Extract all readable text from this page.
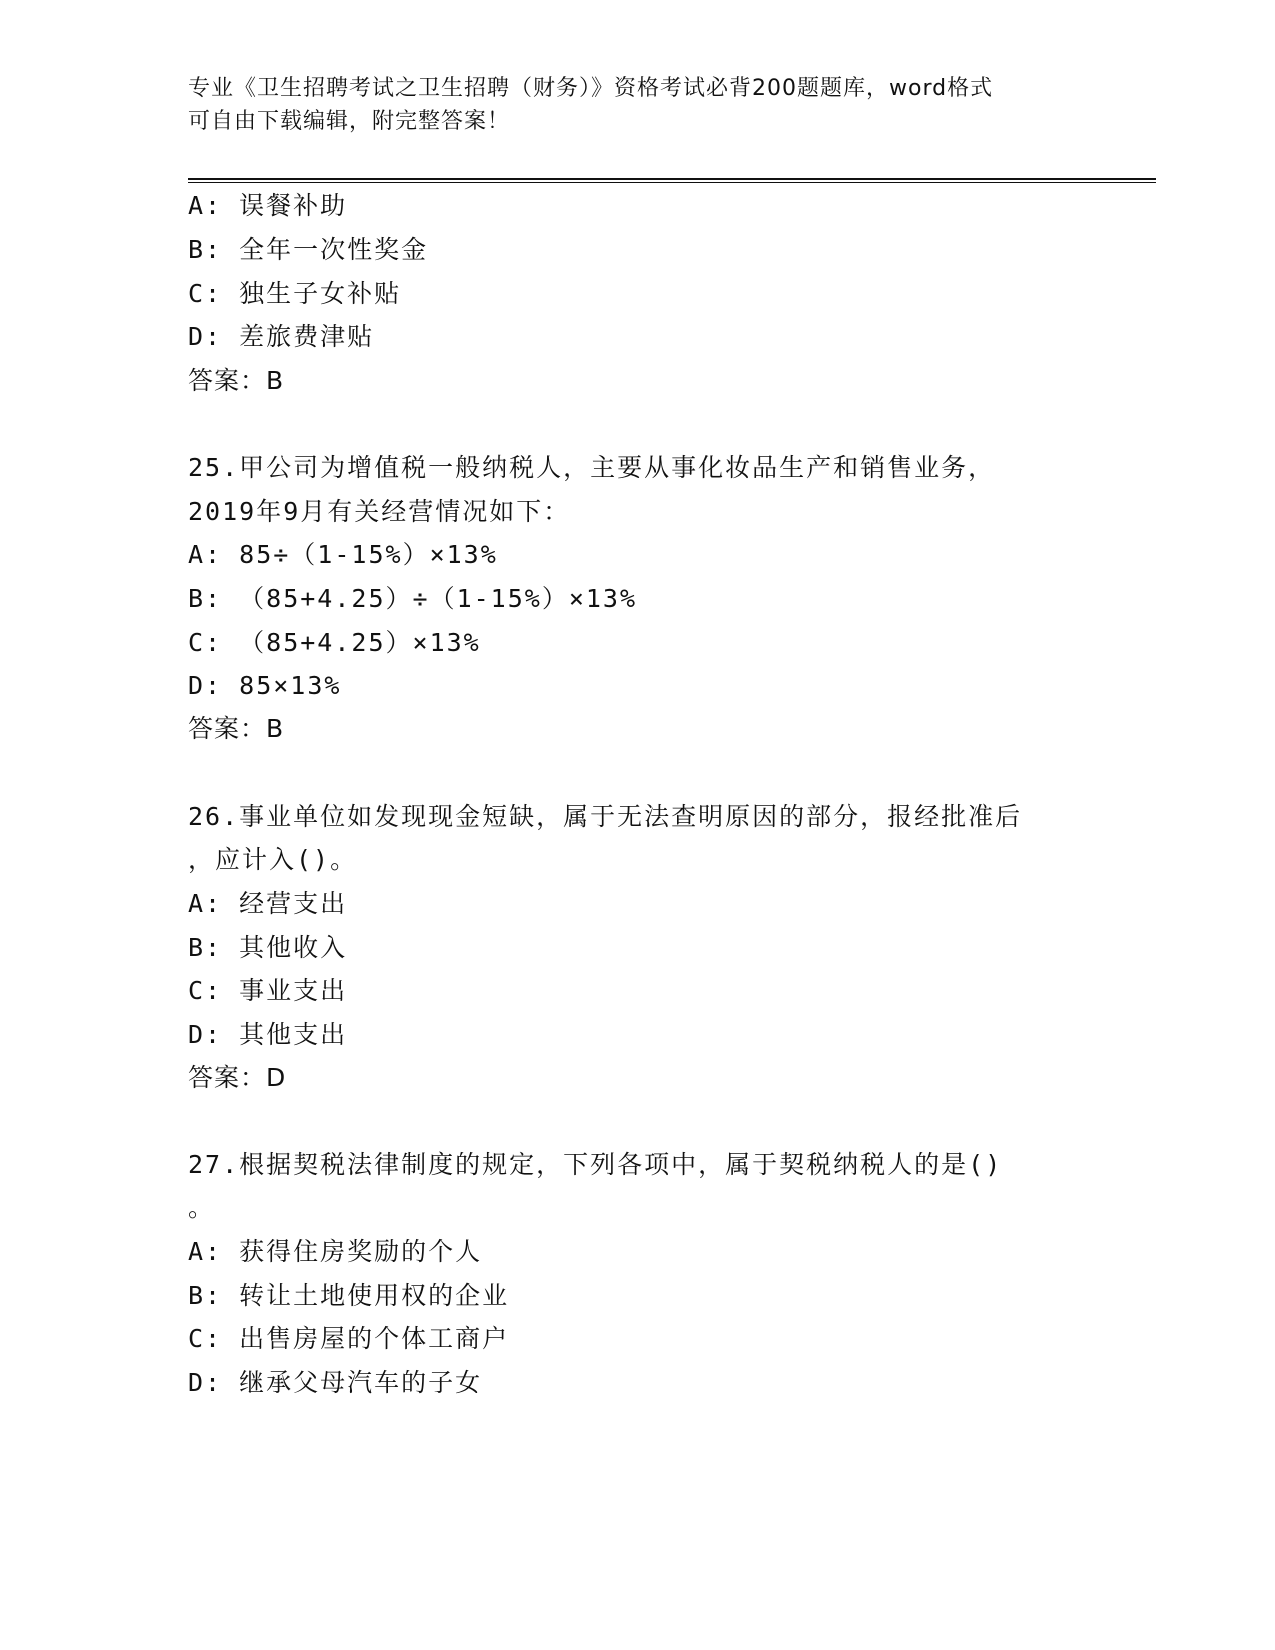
专业《卫生招聘考试之卫生招聘（财务）》资格考试必背200题题库，word格式
可自由下载编辑，附完整答案！
A: 误餐补助
B: 全年一次性奖金
C: 独生子女补贴
D: 差旅费津贴
答案：B
25.甲公司为增值税一般纳税人，主要从事化妆品生产和销售业务，
2019年9月有关经营情况如下：
A: 85÷（1-15%）×13%
B: （85+4.25）÷（1-15%）×13%
C: （85+4.25）×13%
D: 85×13%
答案：B
26.事业单位如发现现金短缺，属于无法查明原因的部分，报经批准后
，应计入()。
A: 经营支出
B: 其他收入
C: 事业支出
D: 其他支出
答案：D
27.根据契税法律制度的规定，下列各项中，属于契税纳税人的是()
。
A: 获得住房奖励的个人
B: 转让土地使用权的企业
C: 出售房屋的个体工商户
D: 继承父母汽车的子女
